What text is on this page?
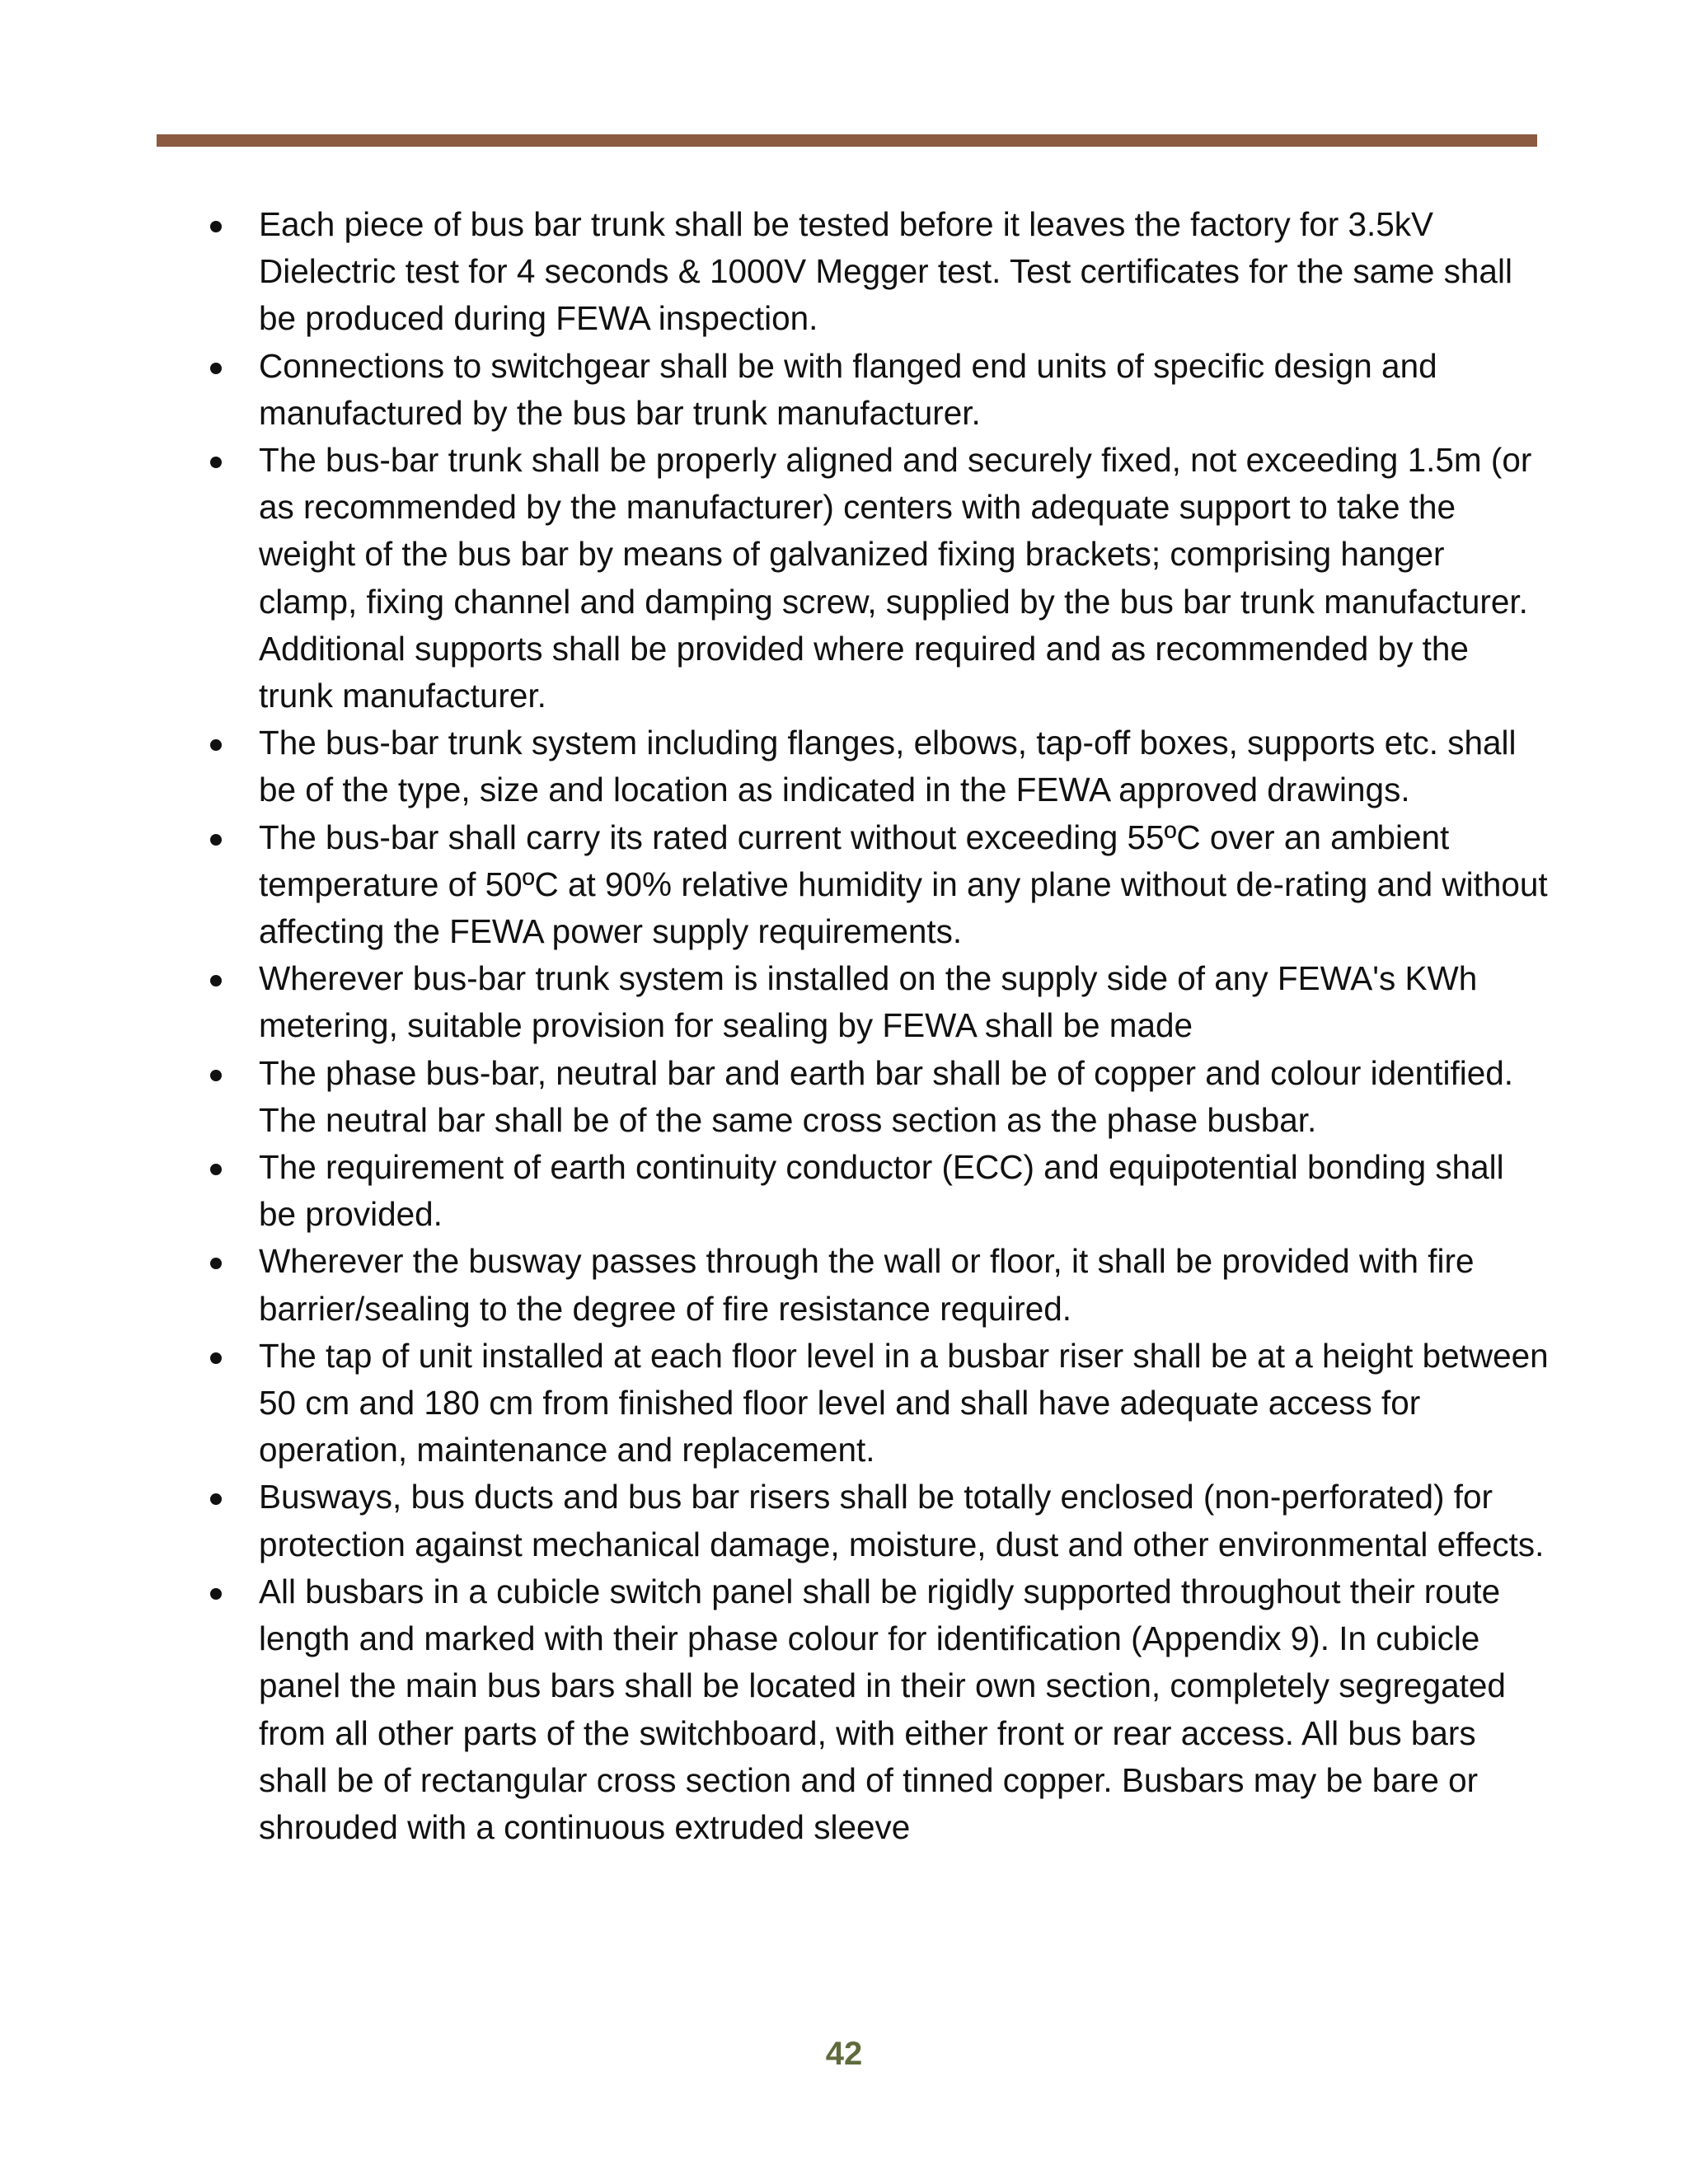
Each piece of bus bar trunk shall be tested before it leaves the factory for 3.5kV Dielectric test for 4 seconds & 1000V Megger test. Test certificates for the same shall be produced during FEWA inspection.
Connections to switchgear shall be with flanged end units of specific design and manufactured by the bus bar trunk manufacturer.
The bus-bar trunk shall be properly aligned and securely fixed, not exceeding 1.5m (or as recommended by the manufacturer) centers with adequate support to take the weight of the bus bar by means of galvanized fixing brackets; comprising hanger clamp, fixing channel and damping screw, supplied by the bus bar trunk manufacturer. Additional supports shall be provided where required and as recommended by the trunk manufacturer.
The bus-bar trunk system including flanges, elbows, tap-off boxes, supports etc. shall be of the type, size and location as indicated in the FEWA approved drawings.
The bus-bar shall carry its rated current without exceeding 55ºC over an ambient temperature of 50ºC at 90% relative humidity in any plane without de-rating and without affecting the FEWA power supply requirements.
Wherever bus-bar trunk system is installed on the supply side of any FEWA's KWh metering, suitable provision for sealing by FEWA shall be made
The phase bus-bar, neutral bar and earth bar shall be of copper and colour identified. The neutral bar shall be of the same cross section as the phase busbar.
The requirement of earth continuity conductor (ECC) and equipotential bonding shall be provided.
Wherever the busway passes through the wall or floor, it shall be provided with fire barrier/sealing to the degree of fire resistance required.
The tap of unit installed at each floor level in a busbar riser shall be at a height between 50 cm and 180 cm from finished floor level and shall have adequate access for operation, maintenance and replacement.
Busways, bus ducts and bus bar risers shall be totally enclosed (non-perforated) for protection against mechanical damage, moisture, dust and other environmental effects.
All busbars in a cubicle switch panel shall be rigidly supported throughout their route length and marked with their phase colour for identification (Appendix 9). In cubicle panel the main bus bars shall be located in their own section, completely segregated from all other parts of the switchboard, with either front or rear access. All bus bars shall be of rectangular cross section and of tinned copper. Busbars may be bare or shrouded with a continuous extruded sleeve
42
